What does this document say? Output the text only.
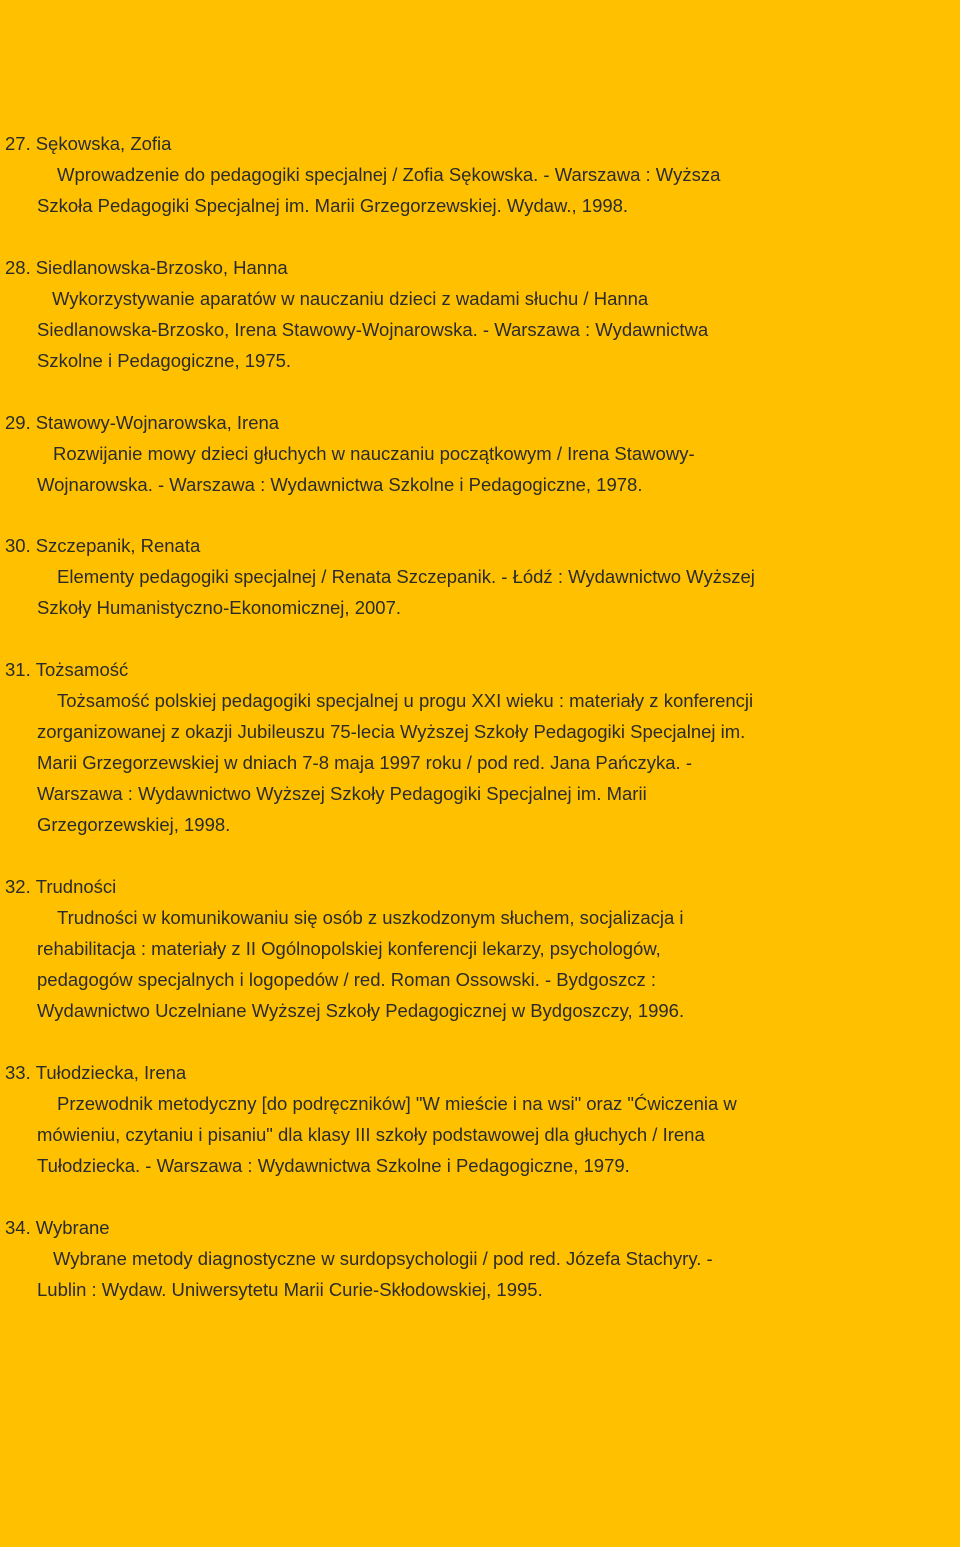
27. Sękowska, Zofia
Wprowadzenie do pedagogiki specjalnej / Zofia Sękowska. - Warszawa : Wyższa
Szkoła Pedagogiki Specjalnej im. Marii Grzegorzewskiej. Wydaw., 1998.
28. Siedlanowska-Brzosko, Hanna
Wykorzystywanie aparatów w nauczaniu dzieci z wadami słuchu / Hanna
Siedlanowska-Brzosko, Irena Stawowy-Wojnarowska. - Warszawa : Wydawnictwa
Szkolne i Pedagogiczne, 1975.
29. Stawowy-Wojnarowska, Irena
Rozwijanie mowy dzieci głuchych w nauczaniu początkowym / Irena Stawowy-
Wojnarowska. - Warszawa : Wydawnictwa Szkolne i Pedagogiczne, 1978.
30. Szczepanik, Renata
Elementy pedagogiki specjalnej / Renata Szczepanik. - Łódź : Wydawnictwo Wyższej
Szkoły Humanistyczno-Ekonomicznej, 2007.
31. Tożsamość
Tożsamość polskiej pedagogiki specjalnej u progu XXI wieku : materiały z konferencji
zorganizowanej z okazji Jubileuszu 75-lecia Wyższej Szkoły Pedagogiki Specjalnej im.
Marii Grzegorzewskiej w dniach 7-8 maja 1997 roku / pod red. Jana Pańczyka. -
Warszawa : Wydawnictwo Wyższej Szkoły Pedagogiki Specjalnej im. Marii
Grzegorzewskiej, 1998.
32. Trudności
Trudności w komunikowaniu się osób z uszkodzonym słuchem, socjalizacja i
rehabilitacja : materiały z II Ogólnopolskiej konferencji lekarzy, psychologów,
pedagogów specjalnych i logopedów / red. Roman Ossowski. - Bydgoszcz :
Wydawnictwo Uczelniane Wyższej Szkoły Pedagogicznej w Bydgoszczy, 1996.
33. Tułodziecka, Irena
Przewodnik metodyczny [do podręczników] "W mieście i na wsi" oraz "Ćwiczenia w
mówieniu, czytaniu i pisaniu" dla klasy III szkoły podstawowej dla głuchych / Irena
Tułodziecka. - Warszawa : Wydawnictwa Szkolne i Pedagogiczne, 1979.
34. Wybrane
Wybrane metody diagnostyczne w surdopsychologii / pod red. Józefa Stachyry. -
Lublin : Wydaw. Uniwersytetu Marii Curie-Skłodowskiej, 1995.
